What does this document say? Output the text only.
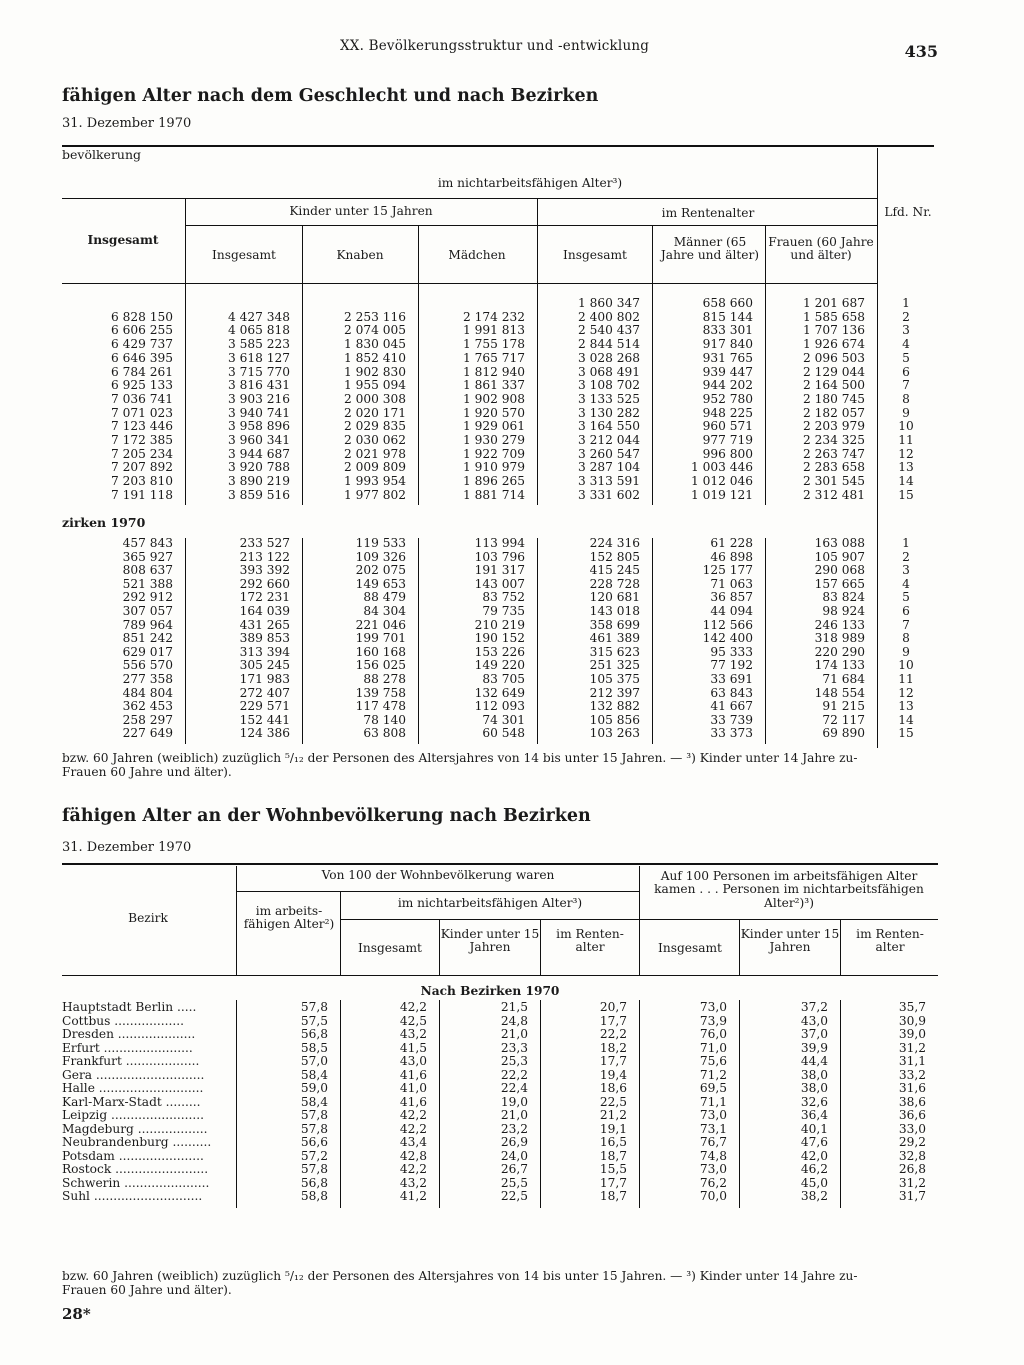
XX. Bevölkerungsstruktur und -entwicklung	435
fähigen Alter nach dem Geschlecht und nach Bezirken
31. Dezember 1970
bevölkerung
im nichtarbeitsfähigen Alter³)
Kinder unter 15 Jahren	im Rentenalter	Lfd. Nr.
Insgesamt
Insgesamt	Knaben	Mädchen	Insgesamt
Männer (65 Jahre und älter)
Frauen (60 Jahre und älter)
				1 860 347	658 660	1 201 687	1
6 828 150	4 427 348	2 253 116	2 174 232	2 400 802	815 144	1 585 658	2
6 606 255	4 065 818	2 074 005	1 991 813	2 540 437	833 301	1 707 136	3
6 429 737	3 585 223	1 830 045	1 755 178	2 844 514	917 840	1 926 674	4
6 646 395	3 618 127	1 852 410	1 765 717	3 028 268	931 765	2 096 503	5
6 784 261	3 715 770	1 902 830	1 812 940	3 068 491	939 447	2 129 044	6
6 925 133	3 816 431	1 955 094	1 861 337	3 108 702	944 202	2 164 500	7
7 036 741	3 903 216	2 000 308	1 902 908	3 133 525	952 780	2 180 745	8
7 071 023	3 940 741	2 020 171	1 920 570	3 130 282	948 225	2 182 057	9
7 123 446	3 958 896	2 029 835	1 929 061	3 164 550	960 571	2 203 979	10
7 172 385	3 960 341	2 030 062	1 930 279	3 212 044	977 719	2 234 325	11
7 205 234	3 944 687	2 021 978	1 922 709	3 260 547	996 800	2 263 747	12
7 207 892	3 920 788	2 009 809	1 910 979	3 287 104	1 003 446	2 283 658	13
7 203 810	3 890 219	1 993 954	1 896 265	3 313 591	1 012 046	2 301 545	14
7 191 118	3 859 516	1 977 802	1 881 714	3 331 602	1 019 121	2 312 481	15
zirken 1970
457 843	233 527	119 533	113 994	224 316	61 228	163 088	1
365 927	213 122	109 326	103 796	152 805	46 898	105 907	2
808 637	393 392	202 075	191 317	415 245	125 177	290 068	3
521 388	292 660	149 653	143 007	228 728	71 063	157 665	4
292 912	172 231	88 479	83 752	120 681	36 857	83 824	5
307 057	164 039	84 304	79 735	143 018	44 094	98 924	6
789 964	431 265	221 046	210 219	358 699	112 566	246 133	7
851 242	389 853	199 701	190 152	461 389	142 400	318 989	8
629 017	313 394	160 168	153 226	315 623	95 333	220 290	9
556 570	305 245	156 025	149 220	251 325	77 192	174 133	10
277 358	171 983	88 278	83 705	105 375	33 691	71 684	11
484 804	272 407	139 758	132 649	212 397	63 843	148 554	12
362 453	229 571	117 478	112 093	132 882	41 667	91 215	13
258 297	152 441	78 140	74 301	105 856	33 739	72 117	14
227 649	124 386	63 808	60 548	103 263	33 373	69 890	15
bzw. 60 Jahren (weiblich) zuzüglich ⁵/₁₂ der Personen des Altersjahres von 14 bis unter 15 Jahren. — ³) Kinder unter 14 Jahre zu-
Frauen 60 Jahre und älter).
fähigen Alter an der Wohnbevölkerung nach Bezirken
31. Dezember 1970
Bezirk
Von 100 der Wohnbevölkerung waren
im arbeits-fähigen Alter²)
im nichtarbeitsfähigen Alter³)
Auf 100 Personen im arbeitsfähigen Alter kamen . . . Personen im nichtarbeitsfähigen Alter²)³)
Insgesamt
Kinder unter 15 Jahren
im Renten-alter	Insgesamt
Kinder unter 15 Jahren
im Renten-alter
Nach Bezirken 1970
Hauptstadt Berlin .....	57,8	42,2	21,5	20,7	73,0	37,2	35,7
Cottbus ..................	57,5	42,5	24,8	17,7	73,9	43,0	30,9
Dresden ....................	56,8	43,2	21,0	22,2	76,0	37,0	39,0
Erfurt .......................	58,5	41,5	23,3	18,2	71,0	39,9	31,2
Frankfurt ...................	57,0	43,0	25,3	17,7	75,6	44,4	31,1
Gera ............................	58,4	41,6	22,2	19,4	71,2	38,0	33,2
Halle ...........................	59,0	41,0	22,4	18,6	69,5	38,0	31,6
Karl-Marx-Stadt .........	58,4	41,6	19,0	22,5	71,1	32,6	38,6
Leipzig ........................	57,8	42,2	21,0	21,2	73,0	36,4	36,6
Magdeburg ..................	57,8	42,2	23,2	19,1	73,1	40,1	33,0
Neubrandenburg ..........	56,6	43,4	26,9	16,5	76,7	47,6	29,2
Potsdam ......................	57,2	42,8	24,0	18,7	74,8	42,0	32,8
Rostock ........................	57,8	42,2	26,7	15,5	73,0	46,2	26,8
Schwerin ......................	56,8	43,2	25,5	17,7	76,2	45,0	31,2
Suhl ............................	58,8	41,2	22,5	18,7	70,0	38,2	31,7
bzw. 60 Jahren (weiblich) zuzüglich ⁵/₁₂ der Personen des Altersjahres von 14 bis unter 15 Jahren. — ³) Kinder unter 14 Jahre zu-
Frauen 60 Jahre und älter).
28*
